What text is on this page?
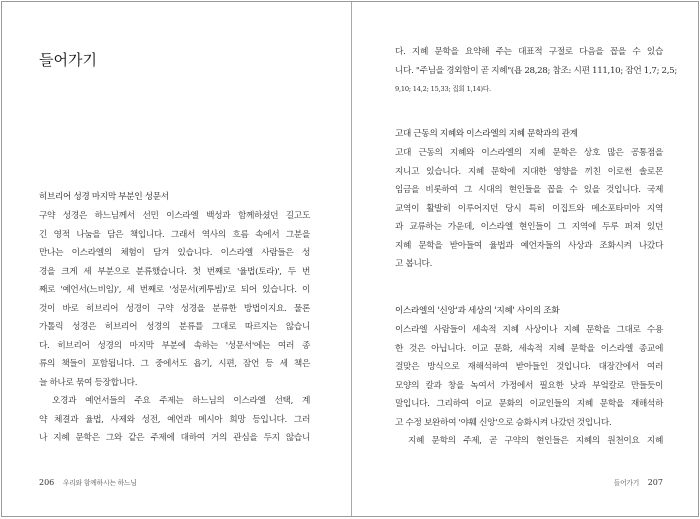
들어가기
히브리어 성경 마지막 부분인 성문서
구약 성경은 하느님께서 선민 이스라엘 백성과 함께하셨던 길고도
긴 영적 나눔을 담은 책입니다. 그래서 역사의 흐름 속에서 그분을
만나는 이스라엘의 체험이 담겨 있습니다. 이스라엘 사람들은 성
경을 크게 세 부분으로 분류했습니다. 첫 번째로 '율법(토라)', 두 번
째로 '예언서(느비임)', 세 번째로 '성문서(케투빔)'로 되어 있습니다. 이
것이 바로 히브리어 성경이 구약 성경을 분류한 방법이지요. 물론
가톨릭 성경은 히브리어 성경의 분류를 그대로 따르지는 않습니
다. 히브리어 성경의 마지막 부분에 속하는 '성문서'에는 여러 종
류의 책들이 포함됩니다. 그 중에서도 욥기, 시편, 잠언 등 세 책은
늘 하나로 묶여 등장합니다.
오경과 예언서들의 주요 주제는 하느님의 이스라엘 선택, 계
약 체결과 율법, 사제와 성전, 예언과 메시아 희망 등입니다. 그러
나 지혜 문학은 그와 같은 주제에 대하여 거의 관심을 두지 않습니
206 우리와 함께하시는 하느님
다. 지혜 문학을 요약해 주는 대표적 구절로 다음을 꼽을 수 있습
니다. "주님을 경외함이 곧 지혜"(욥 28,28; 참조: 시편 111,10; 잠언 1,7; 2,5;
9,10; 14,2; 15,33; 집회 1,14)다.
고대 근동의 지혜와 이스라엘의 지혜 문학과의 관계
고대 근동의 지혜와 이스라엘의 지혜 문학은 상호 많은 공통점을
지니고 있습니다. 지혜 문학에 지대한 영향을 끼친 이로썬 솔로몬
임금을 비롯하여 그 시대의 현인들을 꼽을 수 있을 것입니다. 국제
교역이 활발히 이루어지던 당시 특히 이집트와 메소포타미아 지역
과 교류하는 가운데, 이스라엘 현인들이 그 지역에 두루 퍼져 있던
지혜 문학을 받아들여 율법과 예언자들의 사상과 조화시켜 나갔다
고 봅니다.
이스라엘의 '신앙'과 세상의 '지혜' 사이의 조화
이스라엘 사람들이 세속적 지혜 사상이나 지혜 문학을 그대로 수용
한 것은 아닙니다. 이교 문화, 세속적 지혜 문학을 이스라엘 종교에
걸맞은 방식으로 재해석하여 받아들인 것입니다. 대장간에서 여러
모양의 칼과 창을 녹여서 가정에서 필요한 낫과 부엌칼로 만들듯이
말입니다. 그리하여 이교 문화의 이교인들의 지혜 문학을 재해석하
고 수정 보완하여 '야훼 신앙'으로 승화시켜 나갔던 것입니다.
지혜 문학의 주제, 곧 구약의 현인들은 지혜의 원천이요 지혜
들어가기 207
